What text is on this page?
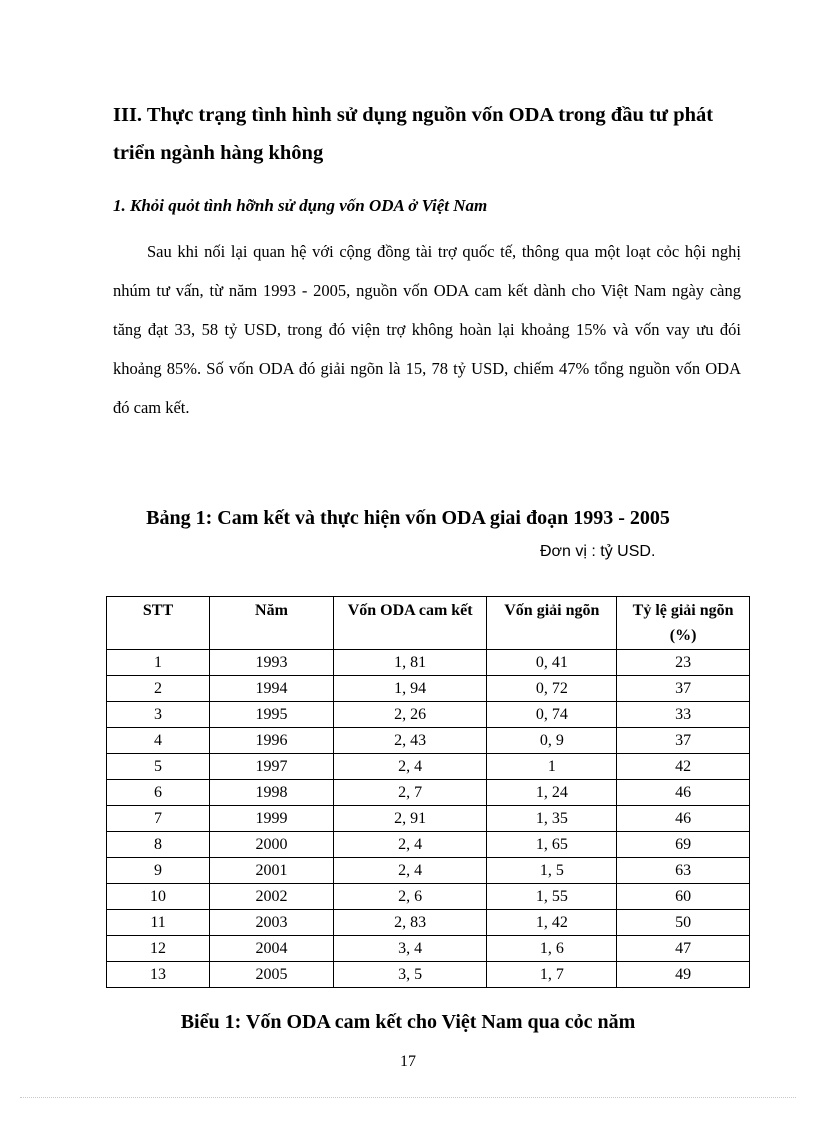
III. Thực trạng tình hình sử dụng nguồn vốn ODA trong đầu tư phát triển ngành hàng không
1. Khỏi quỏt tình hỡnh sử dụng vốn ODA ở Việt Nam
Sau khi nối lại quan hệ với cộng đồng tài trợ quốc tế, thông qua một loạt cỏc hội nghị nhúm tư vấn, từ năm 1993 - 2005, nguồn vốn ODA cam kết dành cho Việt Nam ngày càng tăng đạt 33, 58 tỷ USD, trong đó viện trợ không hoàn lại khoảng 15% và vốn vay ưu đói khoảng 85%. Số vốn ODA đó giải ngõn là 15, 78 tỷ USD, chiếm 47% tổng nguồn vốn ODA đó cam kết.
Bảng 1: Cam kết và thực hiện vốn ODA giai đoạn 1993 - 2005
Đơn vị : tỷ USD.
STT	Năm	Vốn ODA cam kết	Vốn giải ngõn	Tỷ lệ giải ngõn
(%)

1	1993	1, 81	0, 41	23
2	1994	1, 94	0, 72	37
3	1995	2, 26	0, 74	33
4	1996	2, 43	0, 9	37
5	1997	2, 4	1	42
6	1998	2, 7	1, 24	46
7	1999	2, 91	1, 35	46
8	2000	2, 4	1, 65	69
9	2001	2, 4	1, 5	63
10	2002	2, 6	1, 55	60
11	2003	2, 83	1, 42	50
12	2004	3, 4	1, 6	47
13	2005	3, 5	1, 7	49
Biểu 1: Vốn ODA cam kết cho Việt Nam qua cỏc năm
17
